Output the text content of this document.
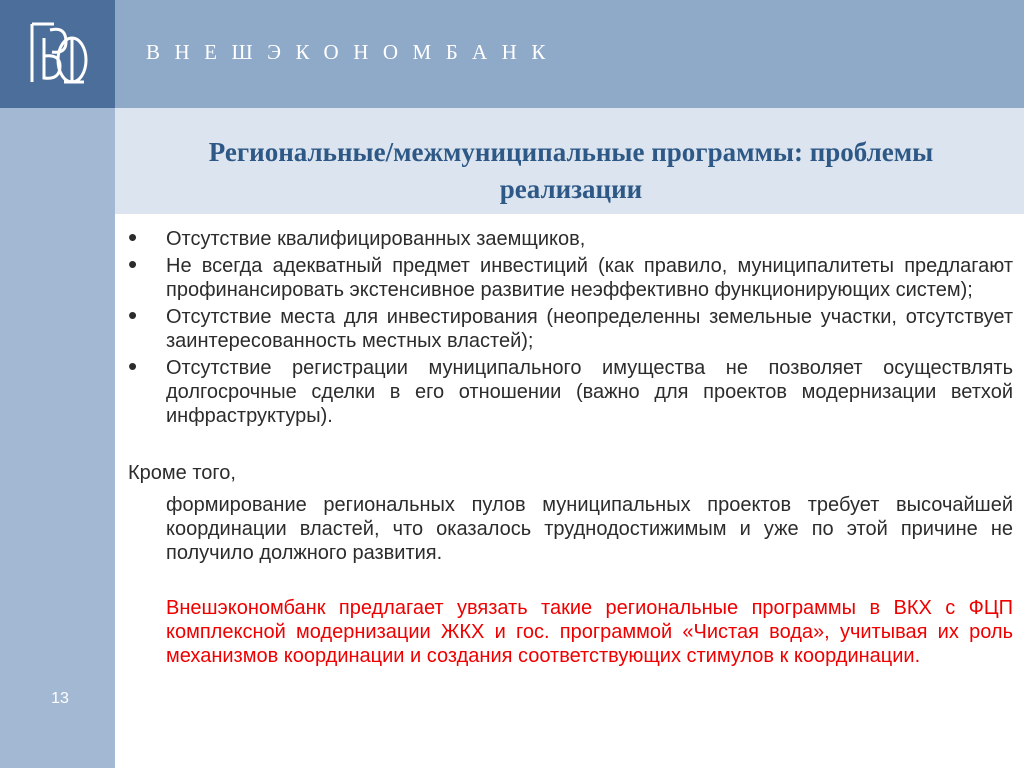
ВНЕШЭКОНОМБАНК
Региональные/межмуниципальные программы: проблемы реализации
13
• Отсутствие квалифицированных заемщиков,
• Не всегда адекватный предмет инвестиций (как правило, муниципалитеты предлагают профинансировать экстенсивное развитие неэффективно функционирующих систем);
• Отсутствие места для инвестирования (неопределенны земельные участки, отсутствует заинтересованность местных властей);
• Отсутствие регистрации муниципального имущества не позволяет осуществлять долгосрочные сделки в его отношении (важно для проектов модернизации ветхой инфраструктуры).
Кроме того,
формирование региональных пулов муниципальных проектов требует высочайшей координации властей, что оказалось труднодостижимым и уже по этой причине не получило должного развития.
Внешэкономбанк предлагает увязать такие региональные программы в ВКХ с ФЦП комплексной модернизации ЖКХ и гос. программой «Чистая вода», учитывая их роль механизмов координации и создания соответствующих стимулов к координации.
